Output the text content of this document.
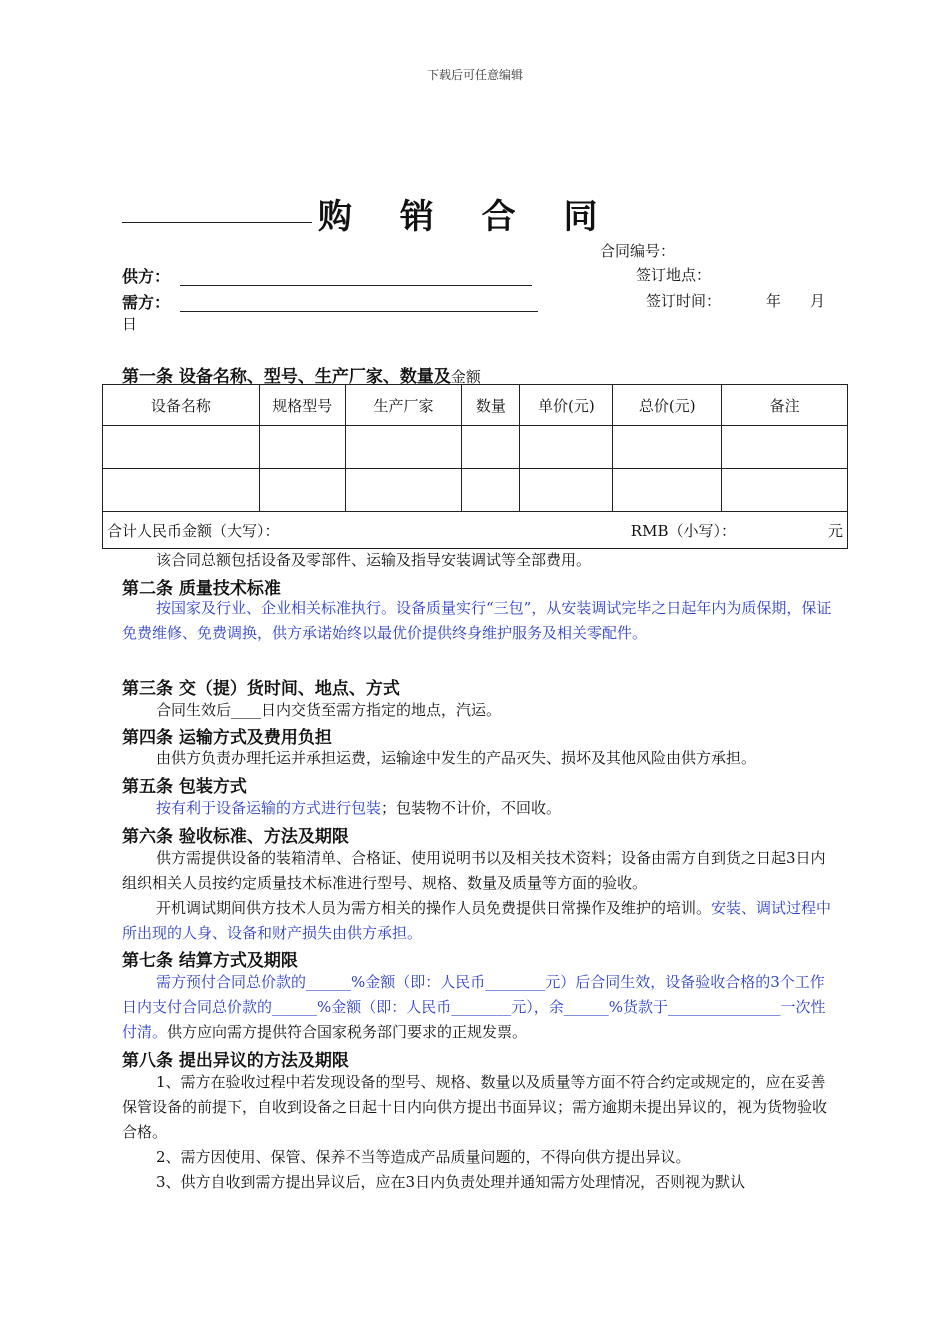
下载后可任意编辑
购 销 合 同
合同编号：
供方：	签订地点：
需方：	签订时间：	年 月
日
第一条 设备名称、型号、生产厂家、数量及金额
设备名称	规格型号	生产厂家	数量	单价(元)	总价(元)	备注

合计人民币金额（大写）： RMB（小写）： 元						
该合同总额包括设备及零部件、运输及指导安装调试等全部费用。
第二条 质量技术标准
按国家及行业、企业相关标准执行。设备质量实行“三包”，从安装调试完毕之日起年内为质保期，保证免费维修、免费调换，供方承诺始终以最优价提供终身维护服务及相关零配件。
第三条 交（提）货时间、地点、方式
合同生效后____日内交货至需方指定的地点，汽运。
第四条 运输方式及费用负担
由供方负责办理托运并承担运费，运输途中发生的产品灭失、损坏及其他风险由供方承担。
第五条 包装方式
按有利于设备运输的方式进行包装；包装物不计价，不回收。
第六条 验收标准、方法及期限
供方需提供设备的装箱清单、合格证、使用说明书以及相关技术资料；设备由需方自到货之日起3日内组织相关人员按约定质量技术标准进行型号、规格、数量及质量等方面的验收。
开机调试期间供方技术人员为需方相关的操作人员免费提供日常操作及维护的培训。安装、调试过程中所出现的人身、设备和财产损失由供方承担。
第七条 结算方式及期限
需方预付合同总价款的______%金额（即：人民币________元）后合同生效，设备验收合格的3个工作日内支付合同总价款的______%金额（即：人民币________元），余______%货款于_______________一次性付清。供方应向需方提供符合国家税务部门要求的正规发票。
第八条 提出异议的方法及期限
1、需方在验收过程中若发现设备的型号、规格、数量以及质量等方面不符合约定或规定的，应在妥善保管设备的前提下，自收到设备之日起十日内向供方提出书面异议；需方逾期未提出异议的，视为货物验收合格。
2、需方因使用、保管、保养不当等造成产品质量问题的，不得向供方提出异议。
3、供方自收到需方提出异议后，应在3日内负责处理并通知需方处理情况，否则视为默认
